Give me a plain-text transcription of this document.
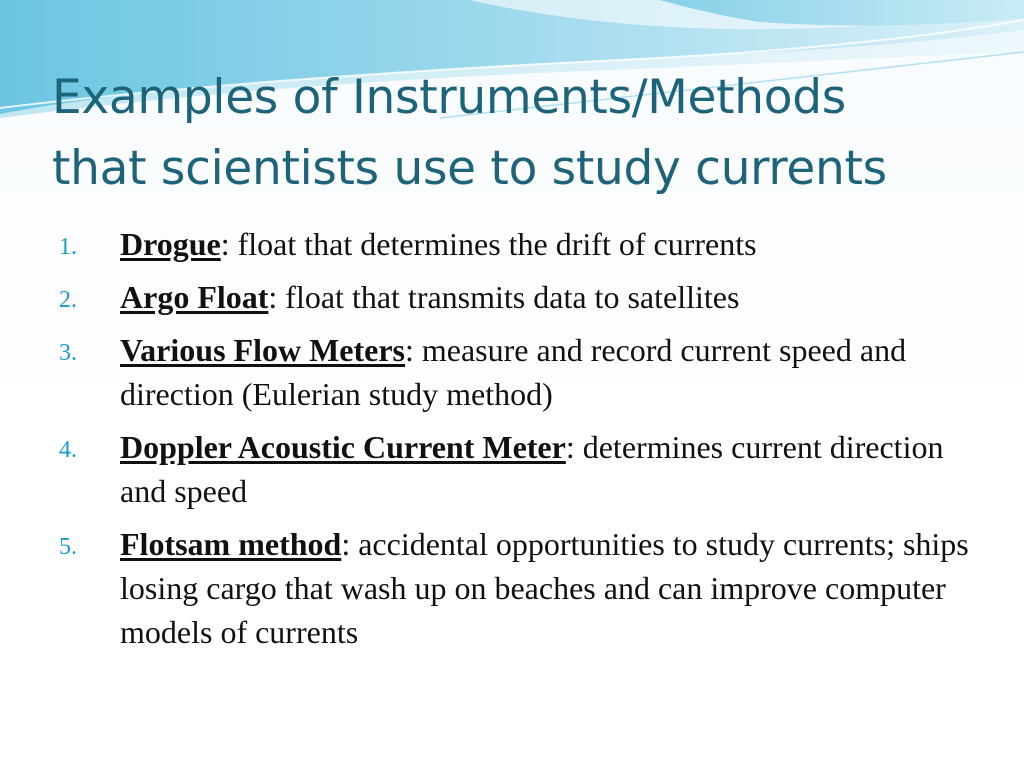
Examples of Instruments/Methods
that scientists use to study currents
1.	Drogue: float that determines the drift of currents
2.	Argo Float: float that transmits data to satellites
3.	Various Flow Meters: measure and record current speed and direction (Eulerian study method)
4.	Doppler Acoustic Current Meter: determines current direction and speed
5.	Flotsam method: accidental opportunities to study currents; ships losing cargo that wash up on beaches and can improve computer models of currents
